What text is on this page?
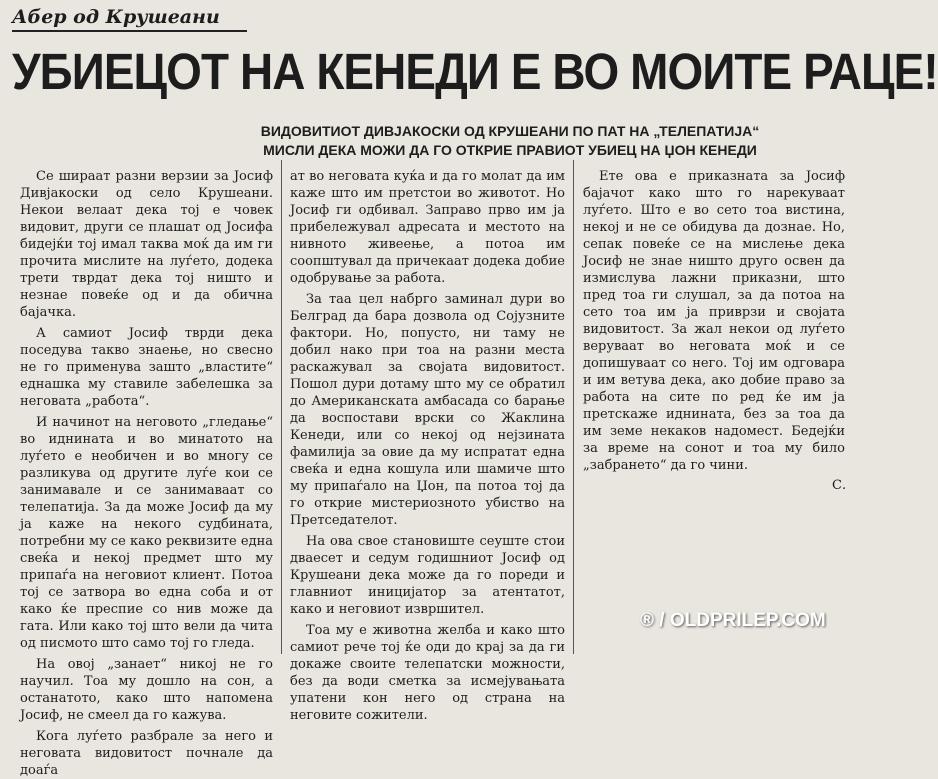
Абер од Крушеани
УБИЕЦОТ НА КЕНЕДИ Е ВО МОИТЕ РАЦЕ!
ВИДОВИТИОТ ДИВЈАКОСКИ ОД КРУШЕАНИ ПО ПАТ НА „ТЕЛЕПАТИЈА“
МИСЛИ ДЕКА МОЖИ ДА ГО ОТКРИЕ ПРАВИОТ УБИЕЦ НА ЏОН КЕНЕДИ

Се шираат разни верзии за Јосиф Дивјакоски од село Крушеани. Некои велаат дека тој е човек видовит, други се плашат од Јосифа бидејќи тој имал таква моќ да им ги прочита мислите на луѓето, додека трети тврдат дека тој ништо и незнае повеќе од и да обична бајачка.

А самиот Јосиф тврди дека поседува такво знаење, но свесно не го применува зашто „властите“ еднашка му ставиле забелешка за неговата „работа“.

И начинот на неговото „гледање“ во иднината и во минатото на луѓето е необичен и во многу се разликува од другите луѓе кои се занимавале и се занимаваат со телепатија. За да може Јосиф да му ја каже на некого судбината, потребни му се како реквизите една свеќа и некој предмет што му припаѓа на неговиот клиент. Потоа тој се затвора во една соба и от како ќе преспие со нив може да гата. Или како тој што вели да чита од писмото што само тој го гледа.

На овој „занает“ никој не го научил. Тоа му дошло на сон, а останатото, како што напомена Јосиф, не смеел да го кажува.

Кога луѓето разбрале за него и неговата видовитост почнале да доаѓа

ат во неговата куќа и да го молат да им каже што им претстои во животот. Но Јосиф ги одбивал. Заправо прво им ја прибележувал адресата и местото на нивното живеење, а потоа им соопштувал да причекаат додека добие одобрување за работа.

За таа цел набрго заминал дури во Белград да бара дозвола од Сојузните фактори. Но, попусто, ни таму не добил нако при тоа на разни места раскажувал за својата видовитост. Пошол дури дотаму што му се обратил до Американската амбасада со барање да воспостави врски со Жаклина Кенеди, или со некој од нејзината фамилија за овие да му испратат една свеќа и една кошула или шамиче што му припаѓало на Џон, па потоа тој да го открие мистериозното убиство на Претседателот.

На ова свое становиште сеуште стои дваесет и седум годишниот Јосиф од Крушеани дека може да го пореди и главниот иницијатор за атентатот, како и неговиот извршител.

Тоа му е животна желба и како што самиот рече тој ќе оди до крај за да ги докаже своите телепатски можности, без да води сметка за исмејувањата упатени кон него од страна на неговите сожители.

Ете ова е приказната за Јосиф бајачот како што го нарекуваат луѓето. Што е во сето тоа вистина, некој и не се обидува да дознае. Но, сепак повеќе се на мислење дека Јосиф не знае ништо друго освен да измислува лажни приказни, што пред тоа ги слушал, за да потоа на сето тоа им ја приврзи и својата видовитост. За жал некои од луѓето веруваат во неговата моќ и се допишуваат со него. Тој им одговара и им ветува дека, ако добие право за работа на сите по ред ќе им ја претскаже иднината, без за тоа да им земе некаков надомест. Бедејќи за време на сонот и тоа му било „забрането“ да го чини.

С.
® / OLDPRILEP.COM
